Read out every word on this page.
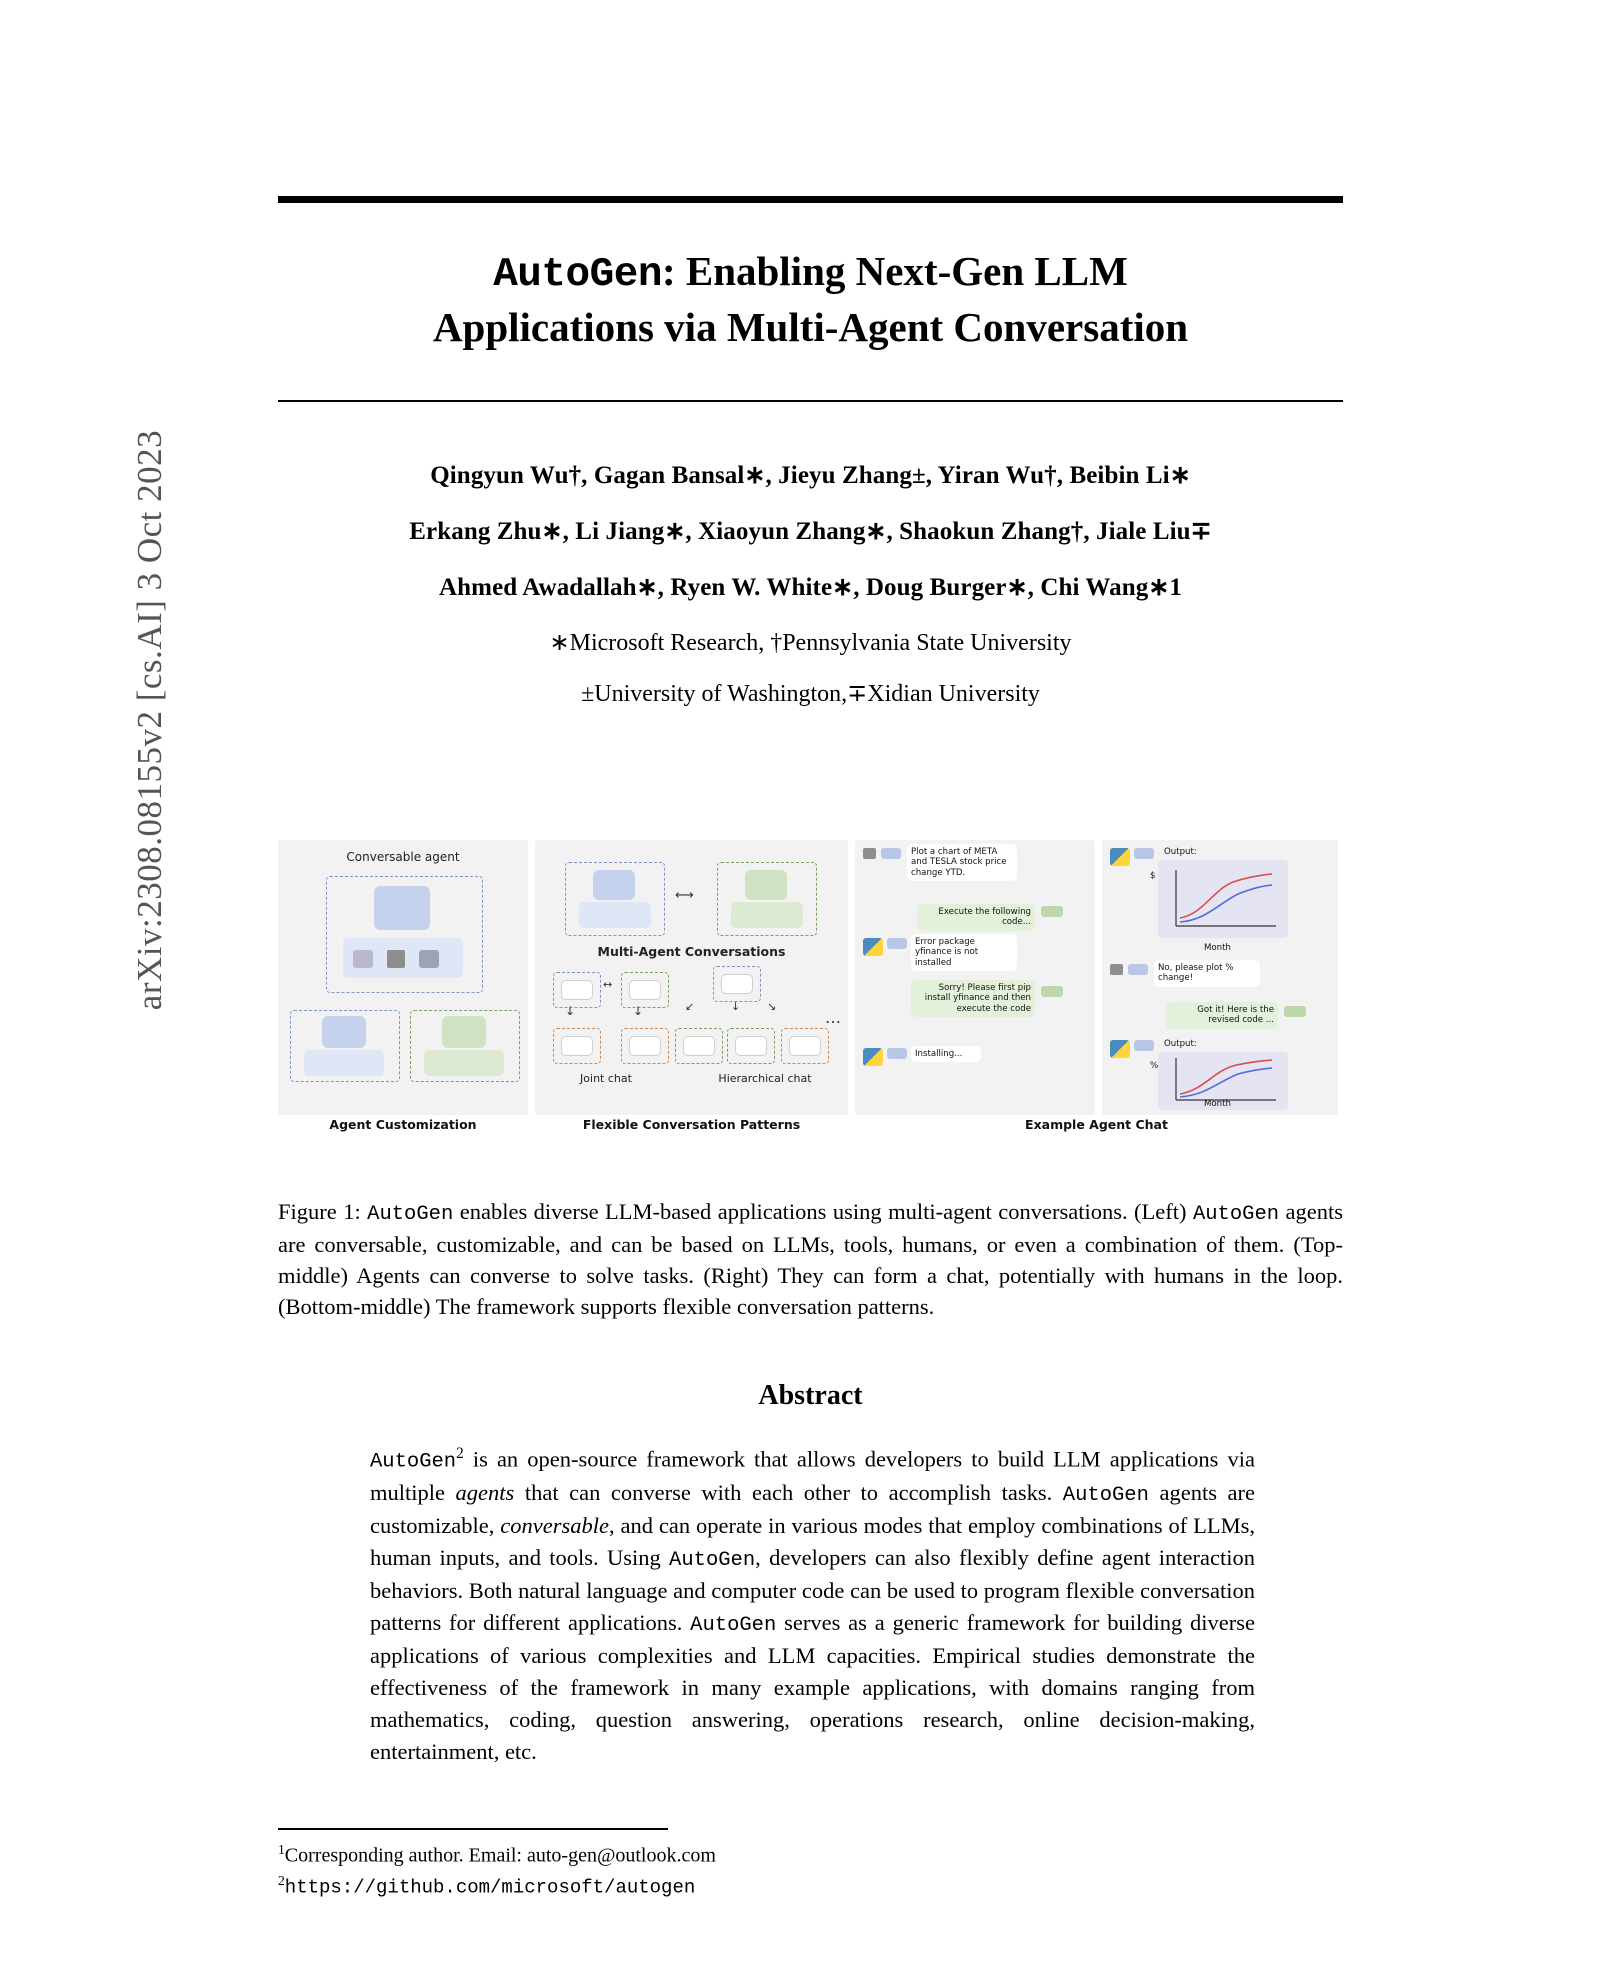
arXiv:2308.08155v2 [cs.AI] 3 Oct 2023
AutoGen: Enabling Next-Gen LLM
Applications via Multi-Agent Conversation
Qingyun Wu†, Gagan Bansal∗, Jieyu Zhang±, Yiran Wu†, Beibin Li∗
Erkang Zhu∗, Li Jiang∗, Xiaoyun Zhang∗, Shaokun Zhang†, Jiale Liu∓
Ahmed Awadallah∗, Ryen W. White∗, Doug Burger∗, Chi Wang∗1
∗Microsoft Research, †Pennsylvania State University
±University of Washington,∓Xidian University
Conversable agent
⟷
Multi-Agent Conversations
↔
↓	↓	↙	↓ ↘
…
Joint chat	Hierarchical chat
Plot a chart of META and TESLA stock price change YTD.
Execute the following code...
Error package yfinance is not installed
Sorry! Please first pip install yfinance and then execute the code
Installing...
Output:
$
Month
No, please plot % change!
Got it! Here is the revised code ...
Output:
%
Month
Agent Customization	Flexible Conversation Patterns	Example Agent Chat
Figure 1: AutoGen enables diverse LLM-based applications using multi-agent conversations. (Left) AutoGen agents are conversable, customizable, and can be based on LLMs, tools, humans, or even a combination of them. (Top-middle) Agents can converse to solve tasks. (Right) They can form a chat, potentially with humans in the loop. (Bottom-middle) The framework supports flexible conversation patterns.
Abstract
AutoGen$^2$ is an open-source framework that allows developers to build LLM applications via multiple agents that can converse with each other to accomplish tasks. AutoGen agents are customizable, conversable, and can operate in various modes that employ combinations of LLMs, human inputs, and tools. Using AutoGen, developers can also flexibly define agent interaction behaviors. Both natural language and computer code can be used to program flexible conversation patterns for different applications. AutoGen serves as a generic framework for building diverse applications of various complexities and LLM capacities. Empirical studies demonstrate the effectiveness of the framework in many example applications, with domains ranging from mathematics, coding, question answering, operations research, online decision-making, entertainment, etc.
$^1$Corresponding author. Email: auto-gen@outlook.com
$^2$https://github.com/microsoft/autogen
